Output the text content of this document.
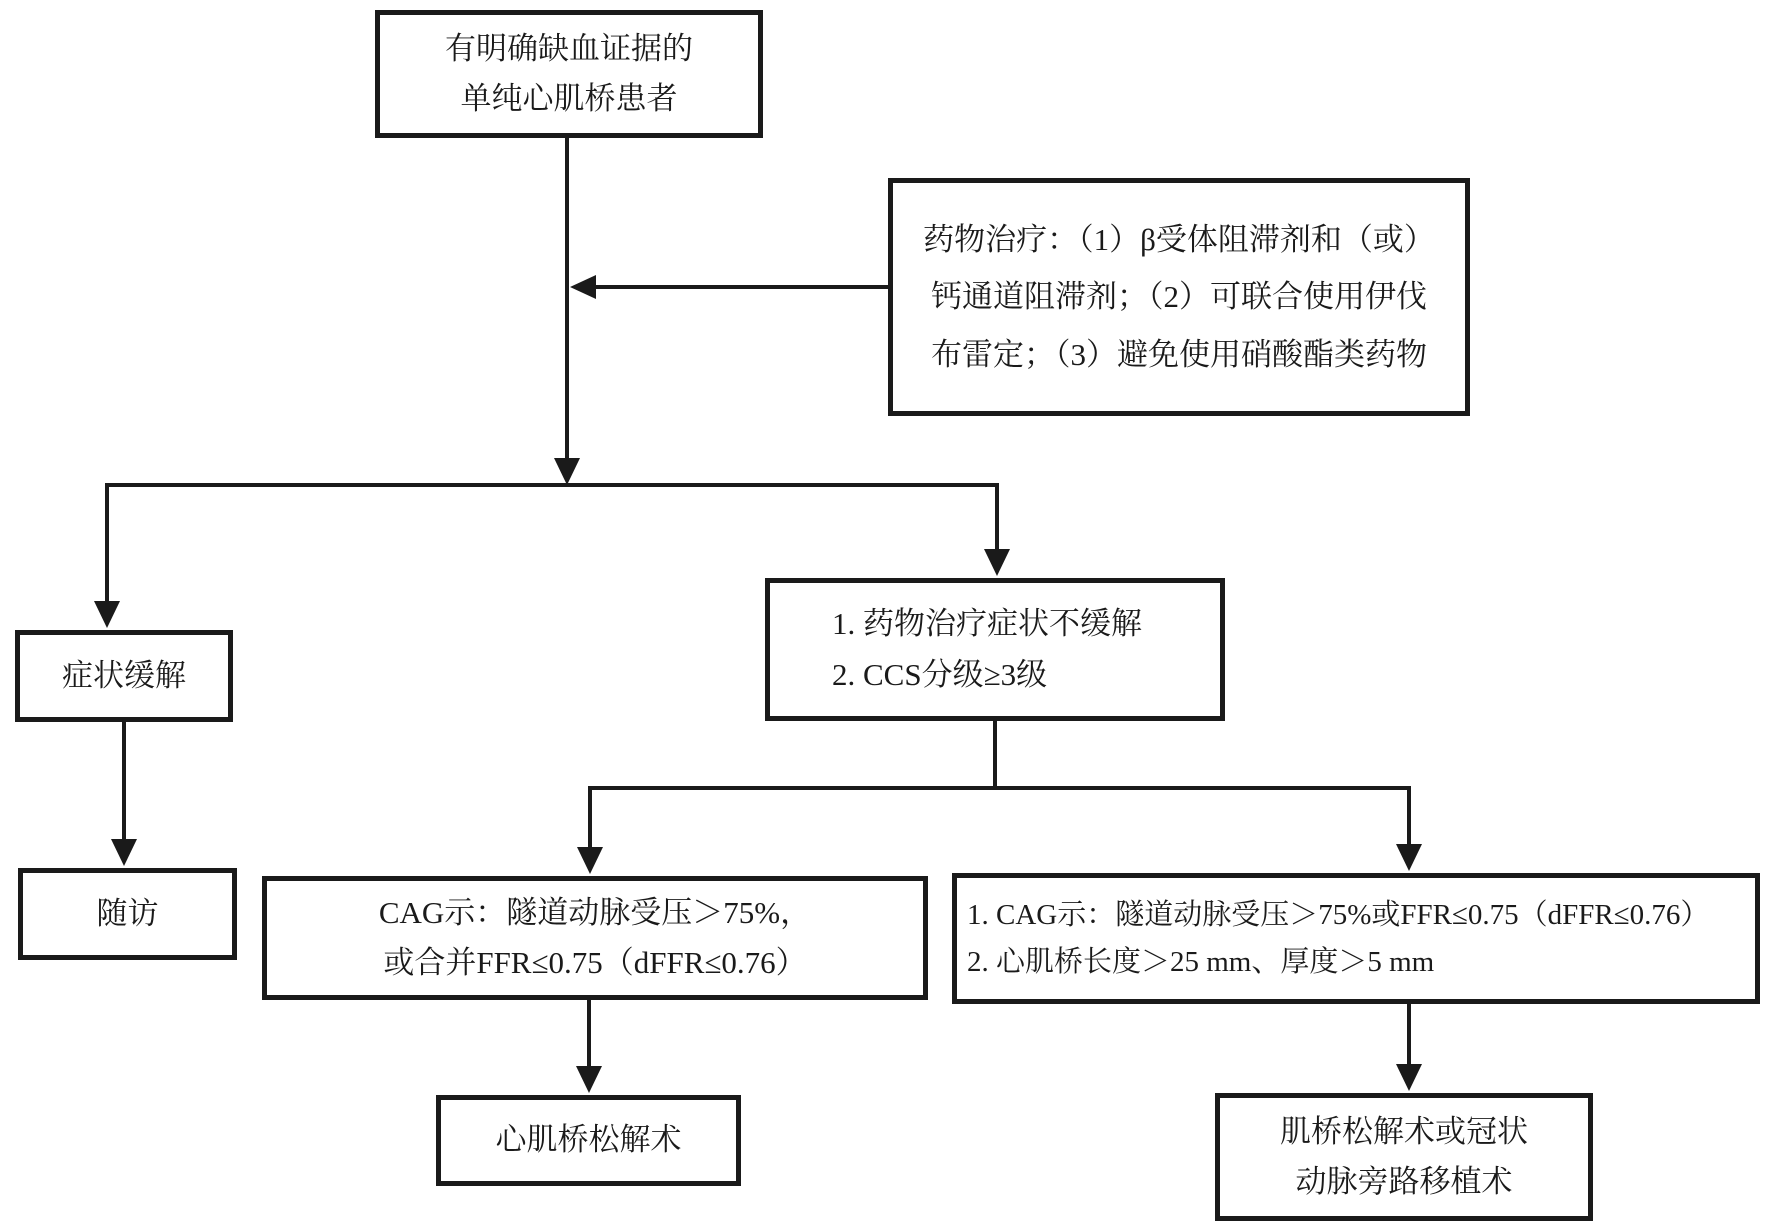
有明确缺血证据的
单纯心肌桥患者
药物治疗：（1）β受体阻滞剂和（或）
钙通道阻滞剂；（2）可联合使用伊伐
布雷定；（3）避免使用硝酸酯类药物
症状缓解
随访
1. 药物治疗症状不缓解
2. CCS分级≥3级
CAG示：隧道动脉受压＞75%，
或合并FFR≤0.75（dFFR≤0.76）
1. CAG示：隧道动脉受压＞75%或FFR≤0.75（dFFR≤0.76）
2. 心肌桥长度＞25 mm、厚度＞5 mm
心肌桥松解术	肌桥松解术或冠状
动脉旁路移植术
